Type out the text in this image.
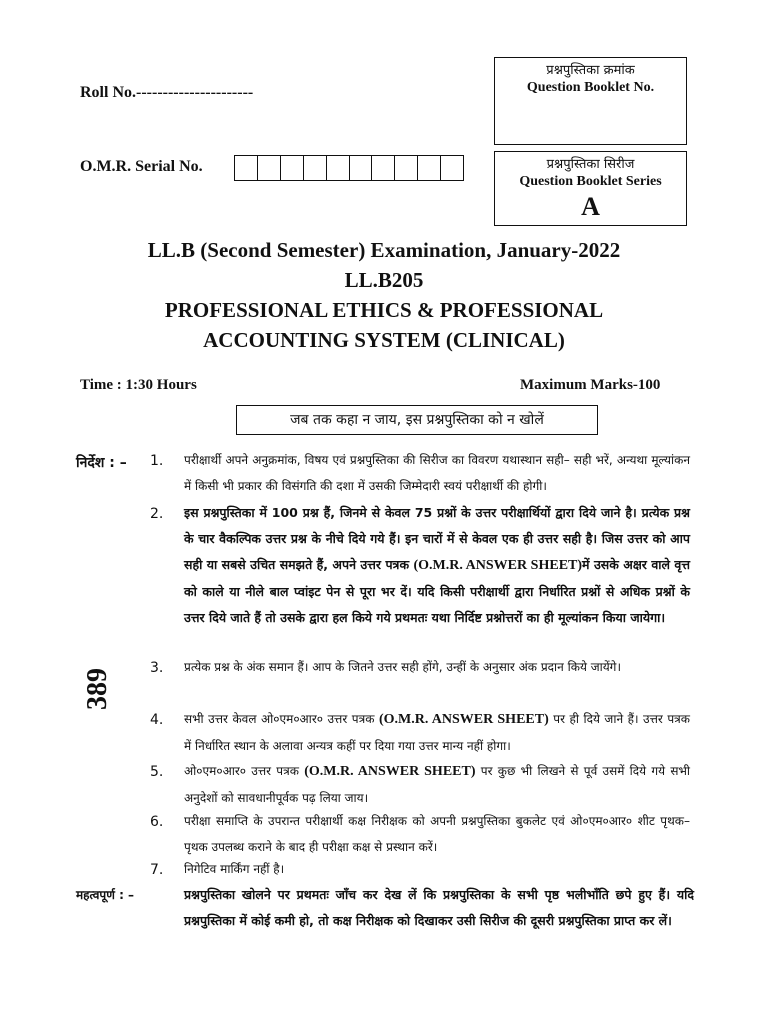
Roll No.----------------------
O.M.R. Serial No.
प्रश्नपुस्तिका क्रमांक
Question Booklet No.
प्रश्नपुस्तिका सिरीज
Question Booklet Series
A
LL.B (Second Semester) Examination, January-2022
LL.B205
PROFESSIONAL ETHICS & PROFESSIONAL
ACCOUNTING SYSTEM (CLINICAL)
Time : 1:30 Hours	Maximum Marks-100
जब तक कहा न जाय, इस प्रश्नपुस्तिका को न खोलें
निर्देश : –
389
1. परीक्षार्थी अपने अनुक्रमांक, विषय एवं प्रश्नपुस्तिका की सिरीज का विवरण यथास्थान सही– सही भरें, अन्यथा मूल्यांकन में किसी भी प्रकार की विसंगति की दशा में उसकी जिम्मेदारी स्वयं परीक्षार्थी की होगी।
2. इस प्रश्नपुस्तिका में 100 प्रश्न हैं, जिनमे से केवल 75 प्रश्नों के उत्तर परीक्षार्थियों द्वारा दिये जाने है। प्रत्येक प्रश्न के चार वैकल्पिक उत्तर प्रश्न के नीचे दिये गये हैं। इन चारों में से केवल एक ही उत्तर सही है। जिस उत्तर को आप सही या सबसे उचित समझते हैं, अपने उत्तर पत्रक (O.M.R. ANSWER SHEET)में उसके अक्षर वाले वृत्त को काले या नीले बाल प्वांइट पेन से पूरा भर दें। यदि किसी परीक्षार्थी द्वारा निर्धारित प्रश्नों से अधिक प्रश्नों के उत्तर दिये जाते हैं तो उसके द्वारा हल किये गये प्रथमतः यथा निर्दिष्ट प्रश्नोत्तरों का ही मूल्यांकन किया जायेगा।
3. प्रत्येक प्रश्न के अंक समान हैं। आप के जितने उत्तर सही होंगे, उन्हीं के अनुसार अंक प्रदान किये जायेंगे।
4. सभी उत्तर केवल ओ०एम०आर० उत्तर पत्रक (O.M.R. ANSWER SHEET) पर ही दिये जाने हैं। उत्तर पत्रक में निर्धारित स्थान के अलावा अन्यत्र कहीं पर दिया गया उत्तर मान्य नहीं होगा।
5. ओ०एम०आर० उत्तर पत्रक (O.M.R. ANSWER SHEET) पर कुछ भी लिखने से पूर्व उसमें दिये गये सभी अनुदेशों को सावधानीपूर्वक पढ़ लिया जाय।
6. परीक्षा समाप्ति के उपरान्त परीक्षार्थी कक्ष निरीक्षक को अपनी प्रश्नपुस्तिका बुकलेट एवं ओ०एम०आर० शीट पृथक–पृथक उपलब्ध कराने के बाद ही परीक्षा कक्ष से प्रस्थान करें।
7. निगेटिव मार्किंग नहीं है।
महत्वपूर्ण : –	प्रश्नपुस्तिका खोलने पर प्रथमतः जाँच कर देख लें कि प्रश्नपुस्तिका के सभी पृष्ठ भलीभाँति छपे हुए हैं। यदि प्रश्नपुस्तिका में कोई कमी हो, तो कक्ष निरीक्षक को दिखाकर उसी सिरीज की दूसरी प्रश्नपुस्तिका प्राप्त कर लें।
